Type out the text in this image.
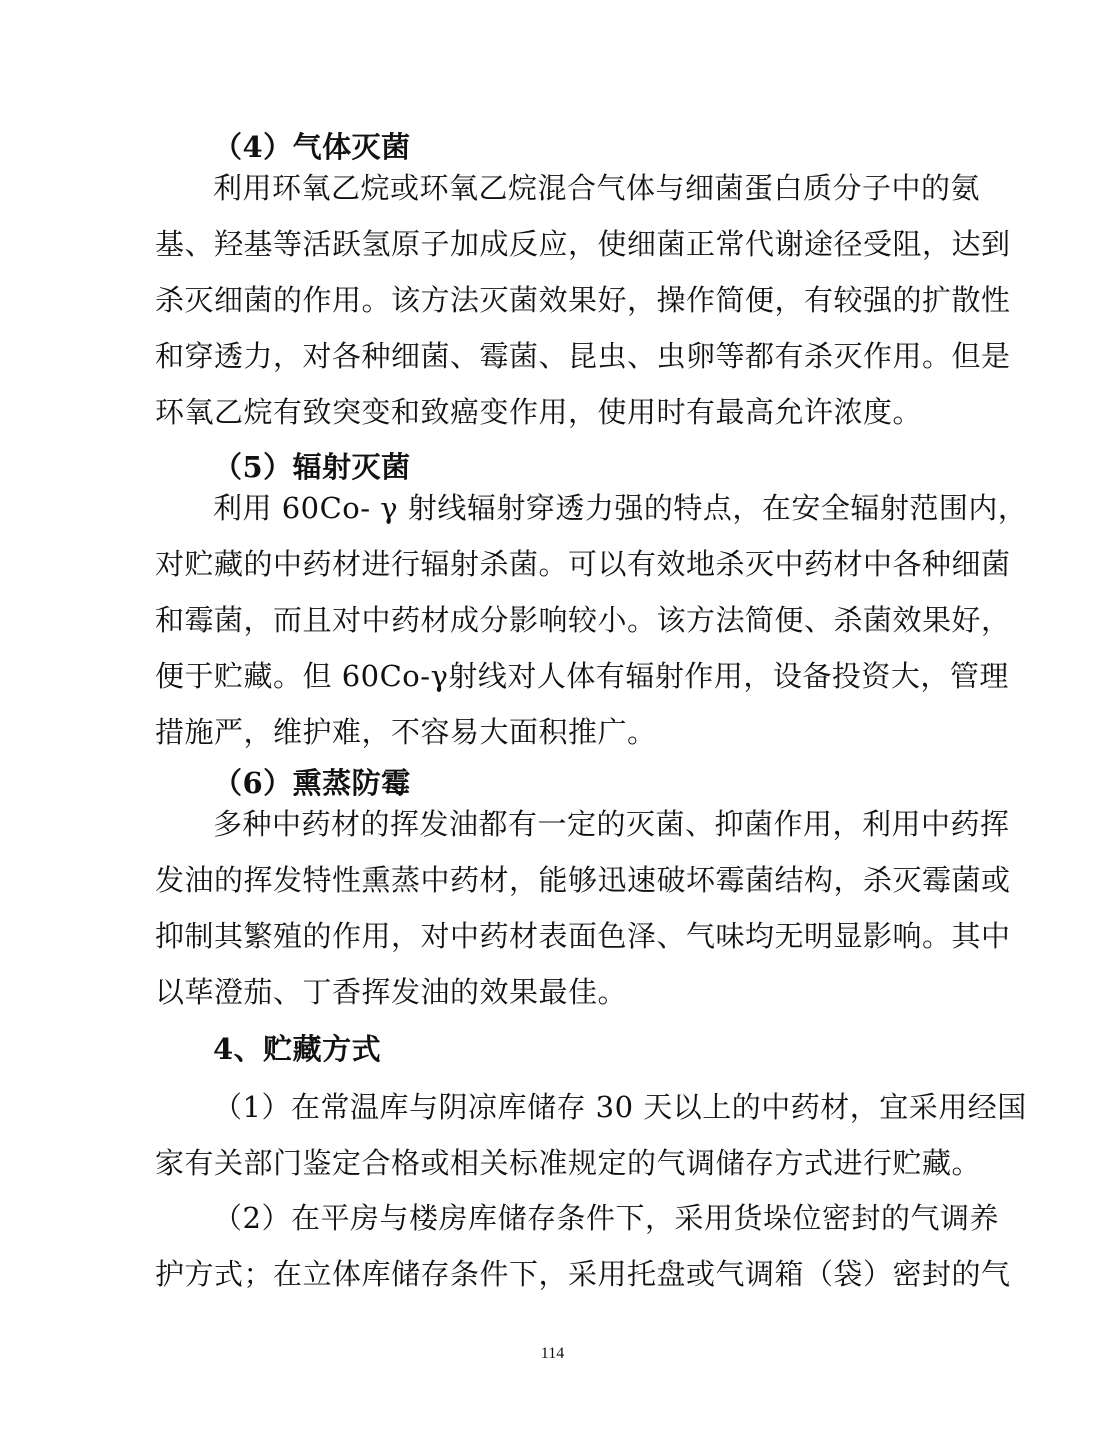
（4）气体灭菌
利用环氧乙烷或环氧乙烷混合气体与细菌蛋白质分子中的氨
基、羟基等活跃氢原子加成反应，使细菌正常代谢途径受阻，达到
杀灭细菌的作用。该方法灭菌效果好，操作简便，有较强的扩散性
和穿透力，对各种细菌、霉菌、昆虫、虫卵等都有杀灭作用。但是
环氧乙烷有致突变和致癌变作用，使用时有最高允许浓度。
（5）辐射灭菌
利用 60Co- γ 射线辐射穿透力强的特点，在安全辐射范围内，
对贮藏的中药材进行辐射杀菌。可以有效地杀灭中药材中各种细菌
和霉菌，而且对中药材成分影响较小。该方法简便、杀菌效果好，
便于贮藏。但 60Co-γ射线对人体有辐射作用，设备投资大，管理
措施严，维护难，不容易大面积推广。
（6）熏蒸防霉
多种中药材的挥发油都有一定的灭菌、抑菌作用，利用中药挥
发油的挥发特性熏蒸中药材，能够迅速破坏霉菌结构，杀灭霉菌或
抑制其繁殖的作用，对中药材表面色泽、气味均无明显影响。其中
以荜澄茄、丁香挥发油的效果最佳。
4、贮藏方式
（1）在常温库与阴凉库储存 30 天以上的中药材，宜采用经国
家有关部门鉴定合格或相关标准规定的气调储存方式进行贮藏。
（2）在平房与楼房库储存条件下，采用货垛位密封的气调养
护方式；在立体库储存条件下，采用托盘或气调箱（袋）密封的气
114
